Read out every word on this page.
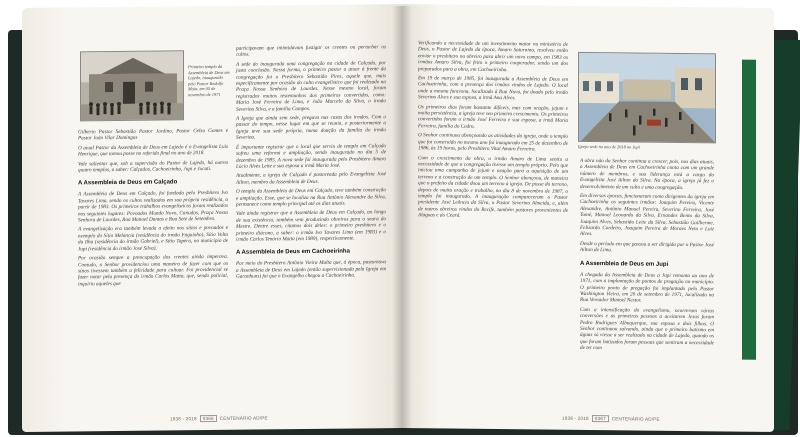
Primeiro templo da Assembleia de Deus em Lajedo, inaugurado pelo Pastor Rodolfo Maia, em 05 de novembro de 1971

Gilberto Pastor Sebastião Pastor Jordino, Pastor Celso Gomes e Pastor João Vilar Domingos

O atual Pastor da Assembleia de Deus em Lajedo é o Evangelista Luiz Henrique, que tomou posse no referido final no ano de 2018.

Vale salientar que, sob a supervisão do Pastor de Lajedo, há outros quatro templos, a saber: Calçados, Cachoeirinha, Jupi e Jucati.

A Assembleia de Deus em Calçado

A Assembleia de Deus em Calçado, foi fundada pelo Presbítero Ivo Tavares Lima, sendo os cultos realizados em sua própria residência, a partir de 1983. Os primeiros trabalhos evangelísticos foram realizados nos seguintes lugares: Povoados Mundo Novo, Canudos, Praça Nossa Senhora de Lourdes, Rua Manoel Dantas e Rua Sete de Setembro.

A evangelização era também levada a efeito nos sítios e povoados e exemplo do Sítio Melancia (residência do irmão Faguinho), Sítio Volta da Ilha (residência do irmão Gabriel), e Sítio Tapera, no município de Jupi (residência do irmão José Silva).

Por ocasião sempre a preocupação dos crentes ainda imperava. Contudo, o Senhor providenciou uma maneira de fazer com que os sítios tivessem também a felicidade para cultuar. Foi providencial se fazer notar pela presença do irmão Carlos Matta, que, sendo policial, inquiriu aqueles que

participavam que intimidavam fustigar os crentes ou perturbar os cultos.

A sede do inaugurada uma congregação na cidade de Calçado, por justa conclusão. Nessa forma, o primeiro pastor a atuar à frente da congregação foi o Presbítero Sebastião Pires, aquele que, mais especificamente por ocasião do culto evangelístico que foi realizado na Praça Nossa Senhora de Lourdes. Nesse mesmo local, foram registrados muitos testemunhos dos primeiros convertidos, como: Maria José Ferreira de Lima, e João Marcelo da Silva, o irmão Severino Silva, e a família Campos.

A Igreja que ainda sem sede, pregava nas casas dos irmãos. Com o passar do tempo, nesse lugar em que se reunia, e posteriormente a Igreja teve sua sede própria, numa doação da família do irmão Severino.

É importante registrar que o local que serviu de templo em Calçado sofreu uma reforma e ampliação, sendo inaugurado no dia 5 de dezembro de 1985. A nova sede foi inaugurada pelo Presbítero Amaro Lúcio Alves Leite e sua esposa a irmã Maria José.

Atualmente, a igreja de Calçado é pastoreada pelo Evangelista José Ailton, membro da Assembleia de Deus.

O templo da Assembleia de Deus em Calçado, teve também construção e ampliação. Esse, que se localiza na Rua Antônio Alexandre da Silva, permanece como templo principal até os dias atuais.

Vale ainda registrar que a Assembleia de Deus em Calçado, ao longo de sua existência, também vem produzindo obreiros para a seara do Mestre. Dentre esses, citamos dois deles: o primeiro presbítero e o primeiro diácono, a saber: o irmão Ivo Tavares Lima (em 1983) e o irmão Carlos Tenório Matta (em 1989), respectivamente.

A Assembleia de Deus em Cachoeirinha

Por meio do Presbítero Antônio Vieira Malta que, à época, pastoreava a Assembleia de Deus em Lajedo (então supervisionada pela Igreja em Garanhuns) foi que o Evangelho chegou a Cachoeirinha.

1938 - 2018 0366 CENTENÁRIO AD/PE

Verificando a necessidade de um investimento maior no ministério de Deus, o Pastor de Lajedo da época, Amaro Saturnino, resolveu então enviar o presbítero ou obreiro para abrir um novo campo, em 1983 os irmãos Amaro Silva, foi feito o primeiro cooperador, sendo um dos preparados para a obra, em Cachoeirinha.

Em 19 de março de 1985, foi inaugurada a Assembleia de Deus em Cachoeirinha, com a presença dos irmãos vindos de Lajedo. O local onde a mesma funciona, localizado à Rua Nova, foi doado pelo irmão Severino Alves e sua esposa, a irmã Ana Alves.

Os primeiros dias foram bastante difíceis, mas com oração, jejum e muita persistência, a igreja teve seu primeiro crescimento. Os primeiros convertidos foram o irmão José Ferreira e sua esposa, a irmã Maria Ferreira, família do Cedro.

O Senhor continuou abençoando as atividades da igreja, onde o templo que foi construído no mesmo ano foi inaugurado em 25 de dezembro de 1986, às 19 horas, pelo Presbítero Vital Amaro Ferreira.

Com o crescimento da obra, o irmão Amaro de Lima sentiu a necessidade de que a congregação tivesse um templo próprio. Pelo que iniciou uma campanha de jejum e oração para a aquisição de um terreno e a construção de um templo. O Senhor abençoou, de maneira que o prefeito da cidade doou um terreno à igreja. De posse do terreno, depois de muita oração e trabalho, no dia 8 de novembro de 1987, o templo foi inaugurado. A inauguração compareceram o Pastor presidente José Leôncio da Silva, o Pastor Severino Almeida, e, além de outros obreiros vindos do Recife, também pastores provenientes de Alagoas e do Ceará.

Igreja sede no ano de 2018 no Jupi

A obra não do Senhor continua a crescer, pois, nos dias atuais, a Assembleia de Deus em Cachoeirinha conta com um grande número de membros, e sua liderança está a cargo do Evangelista José Ailton da Silva. Na época, a igreja já fez o desenvolvimento de um culto e uma congregação.

Em diversas épocas, funcionaram como dirigentes da igreja em Cachoeirinha os seguintes irmãos: Joaquim Pereira, Vicente Alexandre, Antônio Manoel Pereira, Severino Ferreira, José Tomé, Manoel Leonardo da Silva, Ernandes Bento da Silva, Joaquim Alves, Sebastião Leite da Silva, Sebastião Guilherme, Felizardo Cordeiro, Joaquim Pereira de Moraes Neto e Luiz Alves.

Desde o período em que passou a ser dirigida por o Pastor José Ailton de Lima.

A Assembleia de Deus em Jupi

A chegada da Assembleia de Deus a Jupi remonta ao ano de 1971, com a implantação de pontos de pregação no município. O primeiro ponto de pregação foi implantado pelo Pastor Washington Vieira, em 20 de setembro de 1971, localizado na Rua Vereador Manoel Nestor.

Com a intensificação do evangelismo, ocorreram várias conversões e as primeiras pessoas a aceitarem Jesus foram Pedro Rodrigues Albuquerque, sua esposa e dois filhos. O Senhor continuou salvando, ainda que o primeiro batismo em águas só viesse a ser realizado na cidade de Lajedo, quando os que foram batizados foram pessoas que sentiram a necessidade de ter com

1938 - 2018 0367 CENTENÁRIO AD/PE
